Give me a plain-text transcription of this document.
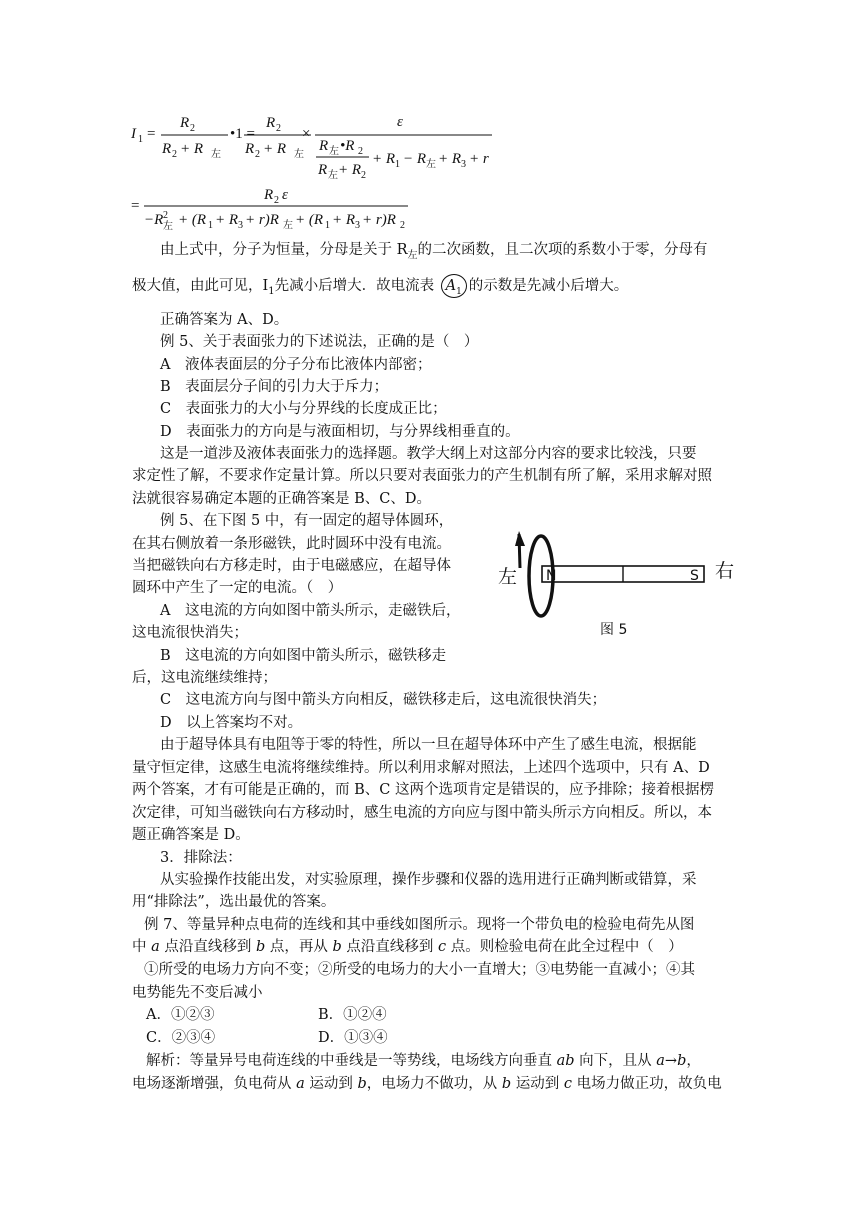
I 1 =
R 2
R 2 + R 左
•1 =
R 2
R 2 + R 左
×
ε
R 左 •R 2
R 左 + R 2
+ R 1 − R 左 + R 3 + r
=
R 2 ε
−R 2
左 + (R 1 + R 3 + r)R 左 + (R 1 + R 3 + r)R 2
由上式中，分子为恒量，分母是关于 $R_左$的二次函数，且二次项的系数小于零，分母有
极大值，由此可见，$I_1$先减小后增大．故电流表 $A_1$ 的示数是先减小后增大。
正确答案为 A、D。
例 5、关于表面张力的下述说法，正确的是（　）
A　液体表面层的分子分布比液体内部密；
B　表面层分子间的引力大于斥力；
C　表面张力的大小与分界线的长度成正比；
D　表面张力的方向是与液面相切，与分界线相垂直的。
这是一道涉及液体表面张力的选择题。教学大纲上对这部分内容的要求比较浅，只要
求定性了解，不要求作定量计算。所以只要对表面张力的产生机制有所了解，采用求解对照
法就很容易确定本题的正确答案是 B、C、D。
例 5、在下图 5 中，有一固定的超导体圆环，
在其右侧放着一条形磁铁，此时圆环中没有电流。
当把磁铁向右方移走时，由于电磁感应，在超导体
圆环中产生了一定的电流。（　）
A　这电流的方向如图中箭头所示，走磁铁后，
这电流很快消失；
B　这电流的方向如图中箭头所示，磁铁移走
后，这电流继续维持；
C　这电流方向与图中箭头方向相反，磁铁移走后，这电流很快消失；
D　以上答案均不对。
左 N	S 右
图 5
由于超导体具有电阻等于零的特性，所以一旦在超导体环中产生了感生电流，根据能
量守恒定律，这感生电流将继续维持。所以利用求解对照法，上述四个选项中，只有 A、D
两个答案，才有可能是正确的，而 B、C 这两个选项肯定是错误的，应予排除；接着根据楞
次定律，可知当磁铁向右方移动时，感生电流的方向应与图中箭头所示方向相反。所以，本
题正确答案是 D。
3．排除法：
从实验操作技能出发，对实验原理，操作步骤和仪器的选用进行正确判断或错算，采
用“排除法”，选出最优的答案。
例 7、等量异种点电荷的连线和其中垂线如图所示。现将一个带负电的检验电荷先从图
中 a 点沿直线移到 b 点，再从 b 点沿直线移到 c 点。则检验电荷在此全过程中（　）
①所受的电场力方向不变；②所受的电场力的大小一直增大；③电势能一直减小；④其
电势能先不变后减小
A．①②③	B．①②④
C．②③④	D．①③④
解析：等量异号电荷连线的中垂线是一等势线，电场线方向垂直 ab 向下，且从 a→b，
电场逐渐增强，负电荷从 a 运动到 b，电场力不做功，从 b 运动到 c 电场力做正功，故负电
